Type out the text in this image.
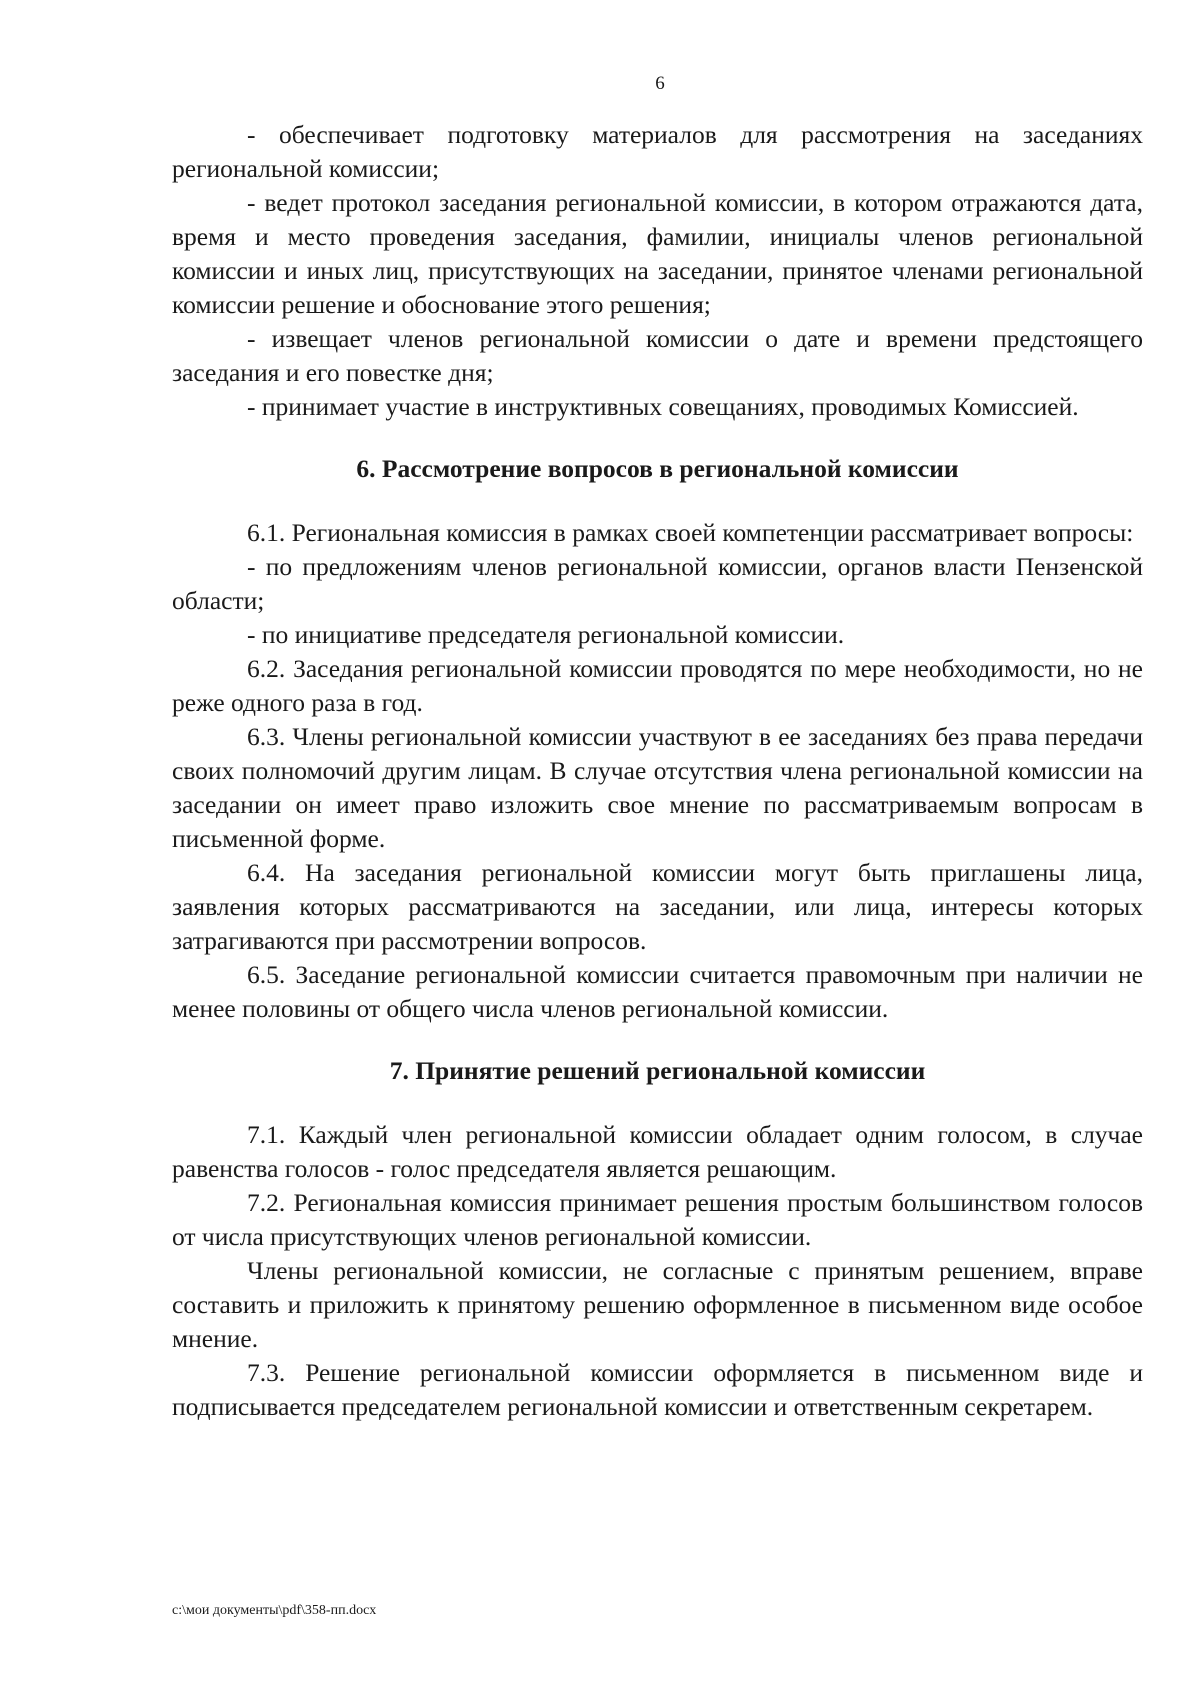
6

- обеспечивает подготовку материалов для рассмотрения на заседаниях региональной комиссии;

- ведет протокол заседания региональной комиссии, в котором отражаются дата, время и место проведения заседания, фамилии, инициалы членов региональной комиссии и иных лиц, присутствующих на заседании, принятое членами региональной комиссии решение и обоснование этого решения;

- извещает членов региональной комиссии о дате и времени предстоящего заседания и его повестке дня;

- принимает участие в инструктивных совещаниях, проводимых Комиссией.

6. Рассмотрение вопросов в региональной комиссии

6.1. Региональная комиссия в рамках своей компетенции рассматривает вопросы:

- по предложениям членов региональной комиссии, органов власти Пензенской области;

- по инициативе председателя региональной комиссии.

6.2. Заседания региональной комиссии проводятся по мере необходимости, но не реже одного раза в год.

6.3. Члены региональной комиссии участвуют в ее заседаниях без права передачи своих полномочий другим лицам. В случае отсутствия члена региональной комиссии на заседании он имеет право изложить свое мнение по рассматриваемым вопросам в письменной форме.

6.4. На заседания региональной комиссии могут быть приглашены лица, заявления которых рассматриваются на заседании, или лица, интересы которых затрагиваются при рассмотрении вопросов.

6.5. Заседание региональной комиссии считается правомочным при наличии не менее половины от общего числа членов региональной комиссии.

7. Принятие решений региональной комиссии

7.1. Каждый член региональной комиссии обладает одним голосом, в случае равенства голосов - голос председателя является решающим.

7.2. Региональная комиссия принимает решения простым большинством голосов от числа присутствующих членов региональной комиссии.

Члены региональной комиссии, не согласные с принятым решением, вправе составить и приложить к принятому решению оформленное в письменном виде особое мнение.

7.3. Решение региональной комиссии оформляется в письменном виде и подписывается председателем региональной комиссии и ответственным секретарем.

c:\мои документы\pdf\358-пп.docx
